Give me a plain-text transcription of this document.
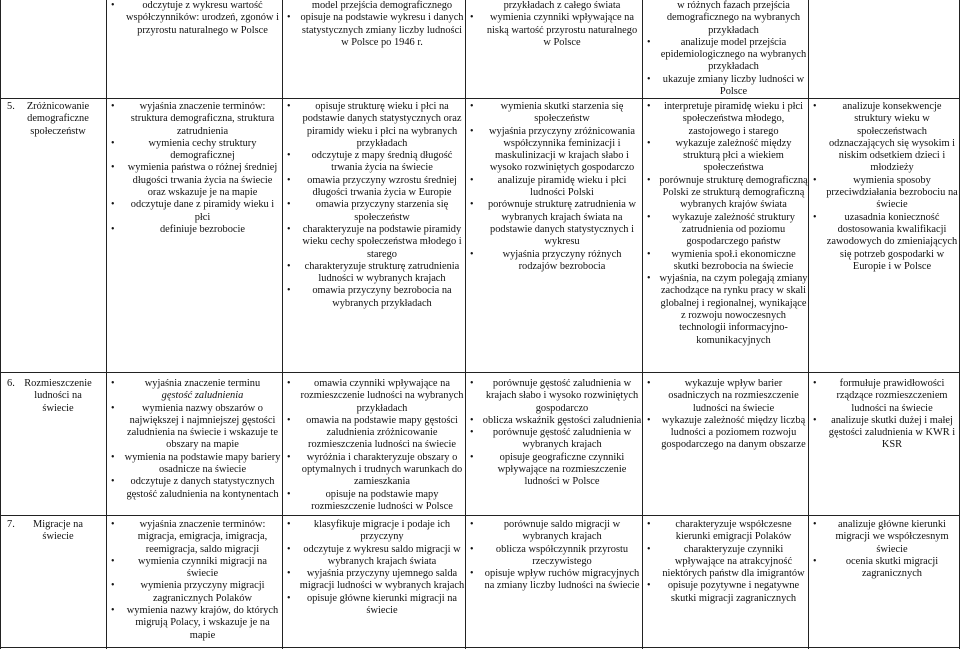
• odczytuje z wykresu wartość współczynników: urodzeń, zgonów i przyrostu naturalnego w Polsce
model przejścia demograficznego
• opisuje na podstawie wykresu i danych statystycznych zmiany liczby ludności w Polsce po 1946 r.
przykładach z całego świata
• wymienia czynniki wpływające na niską wartość przyrostu naturalnego w Polsce
w różnych fazach przejścia demograficznego na wybranych przykładach
• analizuje model przejścia epidemiologicznego na wybranych przykładach
• ukazuje zmiany liczby ludności w Polsce
5. Zróżnicowanie demograficzne społeczeństw
• wyjaśnia znaczenie terminów: struktura demograficzna, struktura zatrudnienia
• wymienia cechy struktury demograficznej
• wymienia państwa o różnej średniej długości trwania życia na świecie oraz wskazuje je na mapie
• odczytuje dane z piramidy wieku i płci
• definiuje bezrobocie
• opisuje strukturę wieku i płci na podstawie danych statystycznych oraz piramidy wieku i płci na wybranych przykładach
• odczytuje z mapy średnią długość trwania życia na świecie
• omawia przyczyny wzrostu średniej długości trwania życia w Europie
• omawia przyczyny starzenia się społeczeństw
• charakteryzuje na podstawie piramidy wieku cechy społeczeństwa młodego i starego
• charakteryzuje strukturę zatrudnienia ludności w wybranych krajach
• omawia przyczyny bezrobocia na wybranych przykładach
• wymienia skutki starzenia się społeczeństw
• wyjaśnia przyczyny zróżnicowania współczynnika feminizacji i maskulinizacji w krajach słabo i wysoko rozwiniętych gospodarczo
• analizuje piramidę wieku i płci ludności Polski
• porównuje strukturę zatrudnienia w wybranych krajach świata na podstawie danych statystycznych i wykresu
• wyjaśnia przyczyny różnych rodzajów bezrobocia
• interpretuje piramidę wieku i płci społeczeństwa młodego, zastojowego i starego
• wykazuje zależność między strukturą płci a wiekiem społeczeństwa
• porównuje strukturę demograficzną Polski ze strukturą demograficzną wybranych krajów świata
• wykazuje zależność struktury zatrudnienia od poziomu gospodarczego państw
• wymienia społ.i ekonomiczne skutki bezrobocia na świecie
• wyjaśnia, na czym polegają zmiany zachodzące na rynku pracy w skali globalnej i regionalnej, wynikające z rozwoju nowoczesnych technologii informacyjno-komunikacyjnych
• analizuje konsekwencje struktury wieku w społeczeństwach odznaczających się wysokim i niskim odsetkiem dzieci i młodzieży
• wymienia sposoby przeciwdziałania bezrobociu na świecie
• uzasadnia konieczność dostosowania kwalifikacji zawodowych do zmieniających się potrzeb gospodarki w Europie i w Polsce
6. Rozmieszczenie ludności na świecie
• wyjaśnia znaczenie terminu
gęstość zaludnienia
• wymienia nazwy obszarów o największej i najmniejszej gęstości zaludnienia na świecie i wskazuje te obszary na mapie
• wymienia na podstawie mapy bariery osadnicze na świecie
• odczytuje z danych statystycznych gęstość zaludnienia na kontynentach
• omawia czynniki wpływające na rozmieszczenie ludności na wybranych przykładach
• omawia na podstawie mapy gęstości zaludnienia zróżnicowanie rozmieszczenia ludności na świecie
• wyróżnia i charakteryzuje obszary o optymalnych i trudnych warunkach do zamieszkania
• opisuje na podstawie mapy rozmieszczenie ludności w Polsce
• porównuje gęstość zaludnienia w krajach słabo i wysoko rozwiniętych gospodarczo
• oblicza wskaźnik gęstości zaludnienia
• porównuje gęstość zaludnienia w wybranych krajach
• opisuje geograficzne czynniki wpływające na rozmieszczenie ludności w Polsce
• wykazuje wpływ barier osadniczych na rozmieszczenie ludności na świecie
• wykazuje zależność między liczbą ludności a poziomem rozwoju gospodarczego na danym obszarze
• formułuje prawidłowości rządzące rozmieszczeniem ludności na świecie
• analizuje skutki dużej i małej gęstości zaludnienia w KWR i KSR
7. Migracje na świecie
• wyjaśnia znaczenie terminów: migracja, emigracja, imigracja, reemigracja, saldo migracji
• wymienia czynniki migracji na świecie
• wymienia przyczyny migracji zagranicznych Polaków
• wymienia nazwy krajów, do których migrują Polacy, i wskazuje je na mapie
• klasyfikuje migracje i podaje ich przyczyny
• odczytuje z wykresu saldo migracji w wybranych krajach świata
• wyjaśnia przyczyny ujemnego salda migracji ludności w wybranych krajach
• opisuje główne kierunki migracji na świecie
• porównuje saldo migracji w wybranych krajach
• oblicza współczynnik przyrostu rzeczywistego
• opisuje wpływ ruchów migracyjnych na zmiany liczby ludności na świecie
• charakteryzuje współczesne kierunki emigracji Polaków
• charakteryzuje czynniki wpływające na atrakcyjność niektórych państw dla imigrantów
• opisuje pozytywne i negatywne skutki migracji zagranicznych
• analizuje główne kierunki migracji we współczesnym świecie
• ocenia skutki migracji zagranicznych
